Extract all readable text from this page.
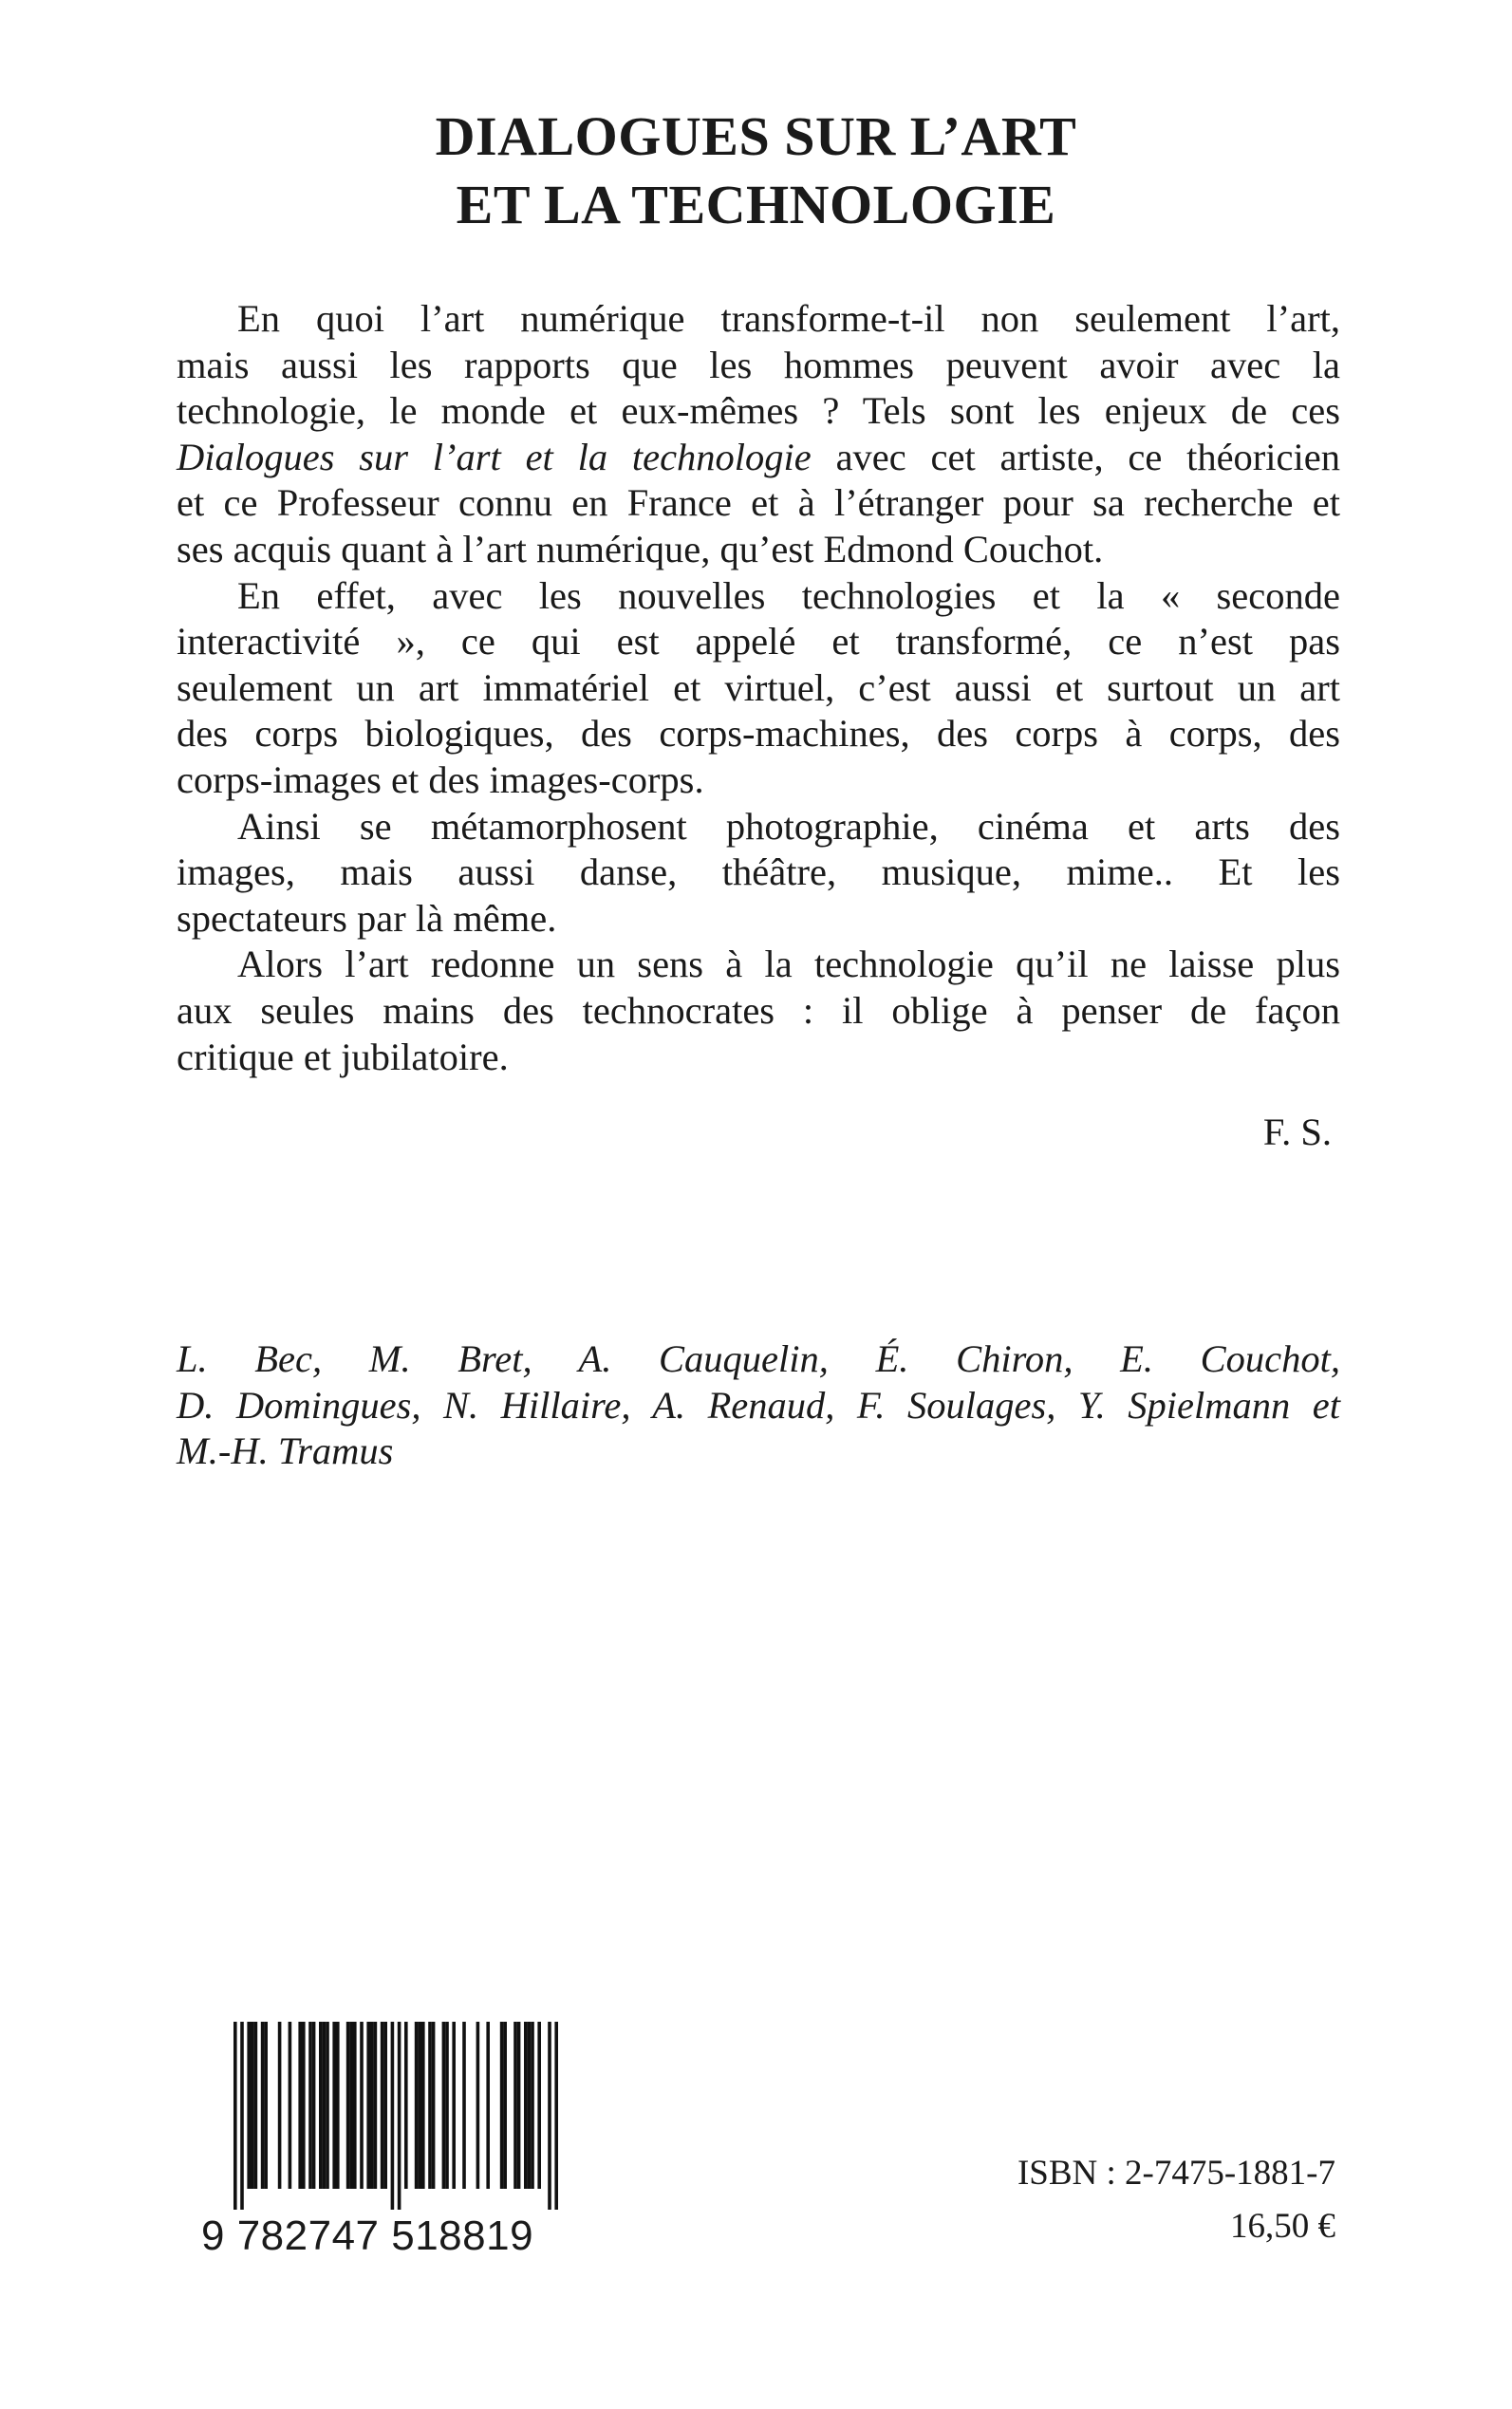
DIALOGUES SUR L’ART
ET LA TECHNOLOGIE

En quoi l’art numérique transforme-t-il non seulement l’art,
mais aussi les rapports que les hommes peuvent avoir avec la
technologie, le monde et eux-mêmes ? Tels sont les enjeux de ces
Dialogues sur l’art et la technologie avec cet artiste, ce théoricien
et ce Professeur connu en France et à l’étranger pour sa recherche et
ses acquis quant à l’art numérique, qu’est Edmond Couchot.

En effet, avec les nouvelles technologies et la « seconde
interactivité », ce qui est appelé et transformé, ce n’est pas
seulement un art immatériel et virtuel, c’est aussi et surtout un art
des corps biologiques, des corps-machines, des corps à corps, des
corps-images et des images-corps.

Ainsi se métamorphosent photographie, cinéma et arts des
images, mais aussi danse, théâtre, musique, mime.. Et les
spectateurs par là même.

Alors l’art redonne un sens à la technologie qu’il ne laisse plus
aux seules mains des technocrates : il oblige à penser de façon
critique et jubilatoire.

F. S.

L. Bec, M. Bret, A. Cauquelin, É. Chiron, E. Couchot,
D. Domingues, N. Hillaire, A. Renaud, F. Soulages, Y. Spielmann et
M.-H. Tramus

9 782747 518819

ISBN : 2-7475-1881-7

16,50 €
